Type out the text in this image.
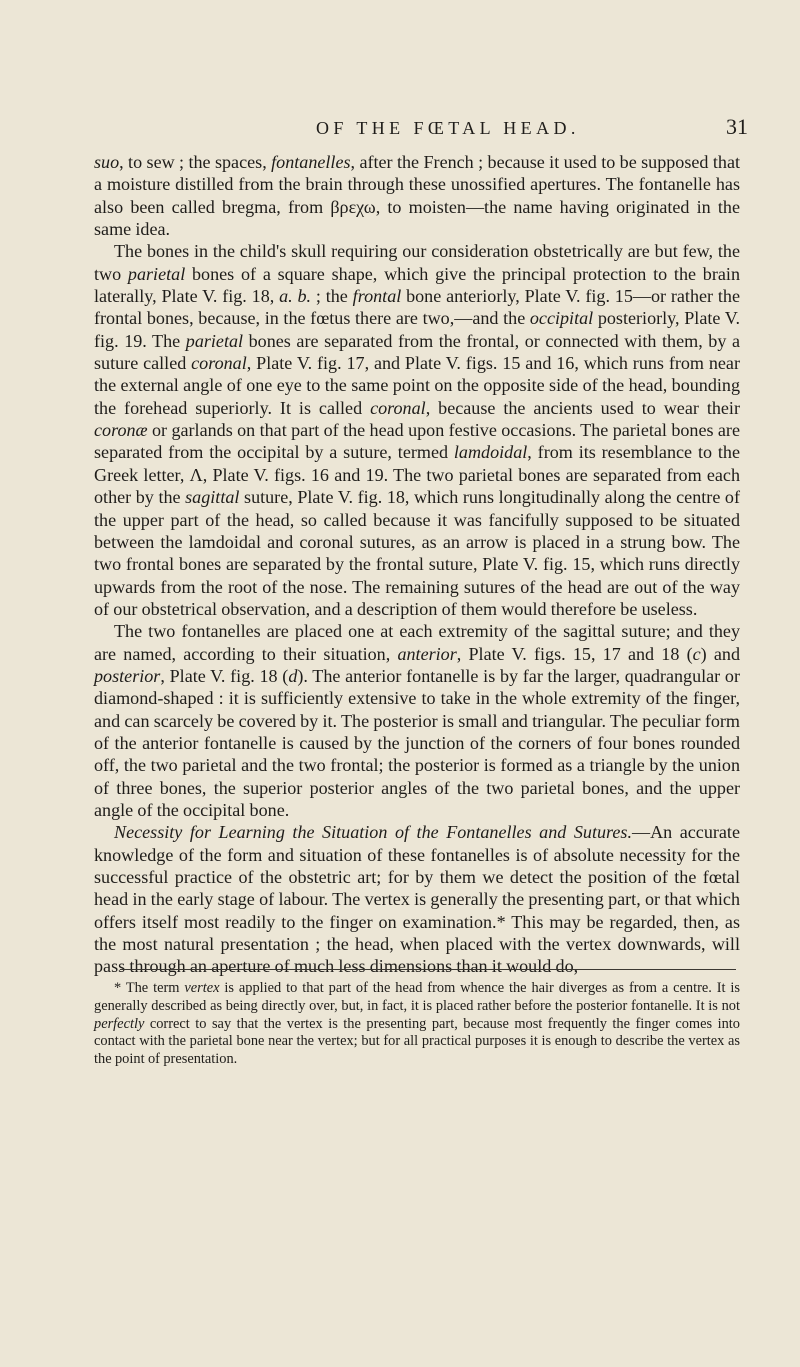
OF THE FŒTAL HEAD.	31

suo, to sew ; the spaces, fontanelles, after the French ; because it used to be supposed that a moisture distilled from the brain through these unossified apertures. The fontanelle has also been called bregma, from βρεχω, to moisten—the name having originated in the same idea.

The bones in the child's skull requiring our consideration obstetrically are but few, the two parietal bones of a square shape, which give the principal protection to the brain laterally, Plate V. fig. 18, a. b. ; the frontal bone anteriorly, Plate V. fig. 15—or rather the frontal bones, because, in the fœtus there are two,—and the occipital posteriorly, Plate V. fig. 19. The parietal bones are separated from the frontal, or connected with them, by a suture called coronal, Plate V. fig. 17, and Plate V. figs. 15 and 16, which runs from near the external angle of one eye to the same point on the opposite side of the head, bounding the forehead superiorly. It is called coronal, because the ancients used to wear their coronæ or garlands on that part of the head upon festive occasions. The parietal bones are separated from the occipital by a suture, termed lamdoidal, from its resemblance to the Greek letter, Λ, Plate V. figs. 16 and 19. The two parietal bones are separated from each other by the sagittal suture, Plate V. fig. 18, which runs longitudinally along the centre of the upper part of the head, so called because it was fancifully supposed to be situated between the lamdoidal and coronal sutures, as an arrow is placed in a strung bow. The two frontal bones are separated by the frontal suture, Plate V. fig. 15, which runs directly upwards from the root of the nose. The remaining sutures of the head are out of the way of our obstetrical observation, and a description of them would therefore be useless.

The two fontanelles are placed one at each extremity of the sagittal suture; and they are named, according to their situation, anterior, Plate V. figs. 15, 17 and 18 (c) and posterior, Plate V. fig. 18 (d). The anterior fontanelle is by far the larger, quadrangular or diamond-shaped : it is sufficiently extensive to take in the whole extremity of the finger, and can scarcely be covered by it. The posterior is small and triangular. The peculiar form of the anterior fontanelle is caused by the junction of the corners of four bones rounded off, the two parietal and the two frontal; the posterior is formed as a triangle by the union of three bones, the superior posterior angles of the two parietal bones, and the upper angle of the occipital bone.

Necessity for Learning the Situation of the Fontanelles and Sutures.—An accurate knowledge of the form and situation of these fontanelles is of absolute necessity for the successful practice of the obstetric art; for by them we detect the position of the fœtal head in the early stage of labour. The vertex is generally the presenting part, or that which offers itself most readily to the finger on examination.* This may be regarded, then, as the most natural presentation ; the head, when placed with the vertex downwards, will pass through an aperture of much less dimensions than it would do,

* The term vertex is applied to that part of the head from whence the hair diverges as from a centre. It is generally described as being directly over, but, in fact, it is placed rather before the posterior fontanelle. It is not perfectly correct to say that the vertex is the presenting part, because most frequently the finger comes into contact with the parietal bone near the vertex; but for all practical purposes it is enough to describe the vertex as the point of presentation.
